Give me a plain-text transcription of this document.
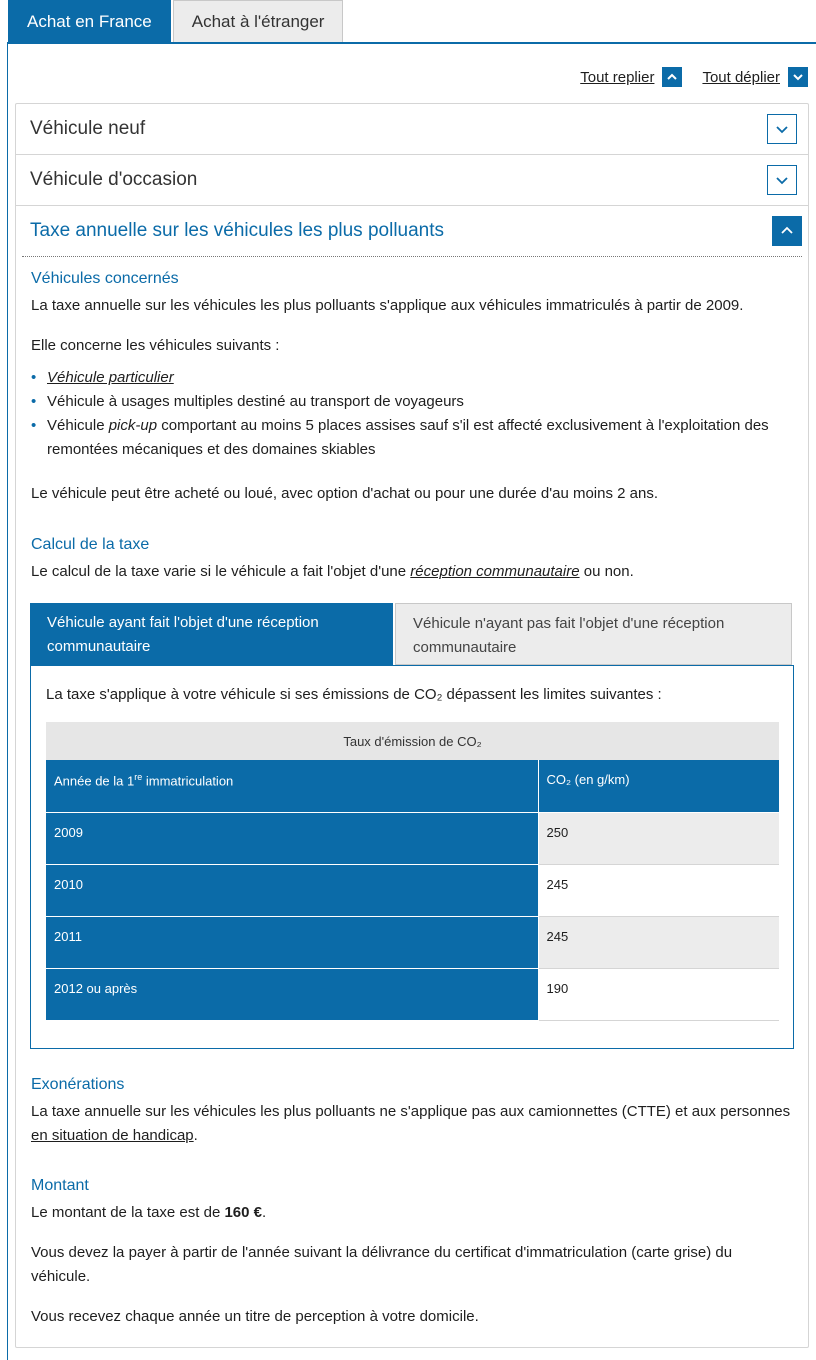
Achat en France	Achat à l'étranger
Tout replier	Tout déplier
Véhicule neuf
Véhicule d'occasion
Taxe annuelle sur les véhicules les plus polluants
Véhicules concernés

La taxe annuelle sur les véhicules les plus polluants s'applique aux véhicules immatriculés à partir de 2009.

Elle concerne les véhicules suivants :

• Véhicule particulier
• Véhicule à usages multiples destiné au transport de voyageurs
• Véhicule pick-up comportant au moins 5 places assises sauf s'il est affecté exclusivement à l'exploitation des remontées mécaniques et des domaines skiables

Le véhicule peut être acheté ou loué, avec option d'achat ou pour une durée d'au moins 2 ans.

Calcul de la taxe

Le calcul de la taxe varie si le véhicule a fait l'objet d'une réception communautaire ou non.

Exonérations

La taxe annuelle sur les véhicules les plus polluants ne s'applique pas aux camionnettes (CTTE) et aux personnes en situation de handicap.

Montant

Le montant de la taxe est de 160 €.

Vous devez la payer à partir de l'année suivant la délivrance du certificat d'immatriculation (carte grise) du véhicule.

Vous recevez chaque année un titre de perception à votre domicile.

Véhicule ayant fait l'objet d'une réception communautaire
Véhicule n'ayant pas fait l'objet d'une réception communautaire

La taxe s'applique à votre véhicule si ses émissions de CO₂ dépassent les limites suivantes :

Taux d'émission de CO₂	
Année de la 1re immatriculation	CO₂ (en g/km)
2009	250
2010	245
2011	245
2012 ou après	190
